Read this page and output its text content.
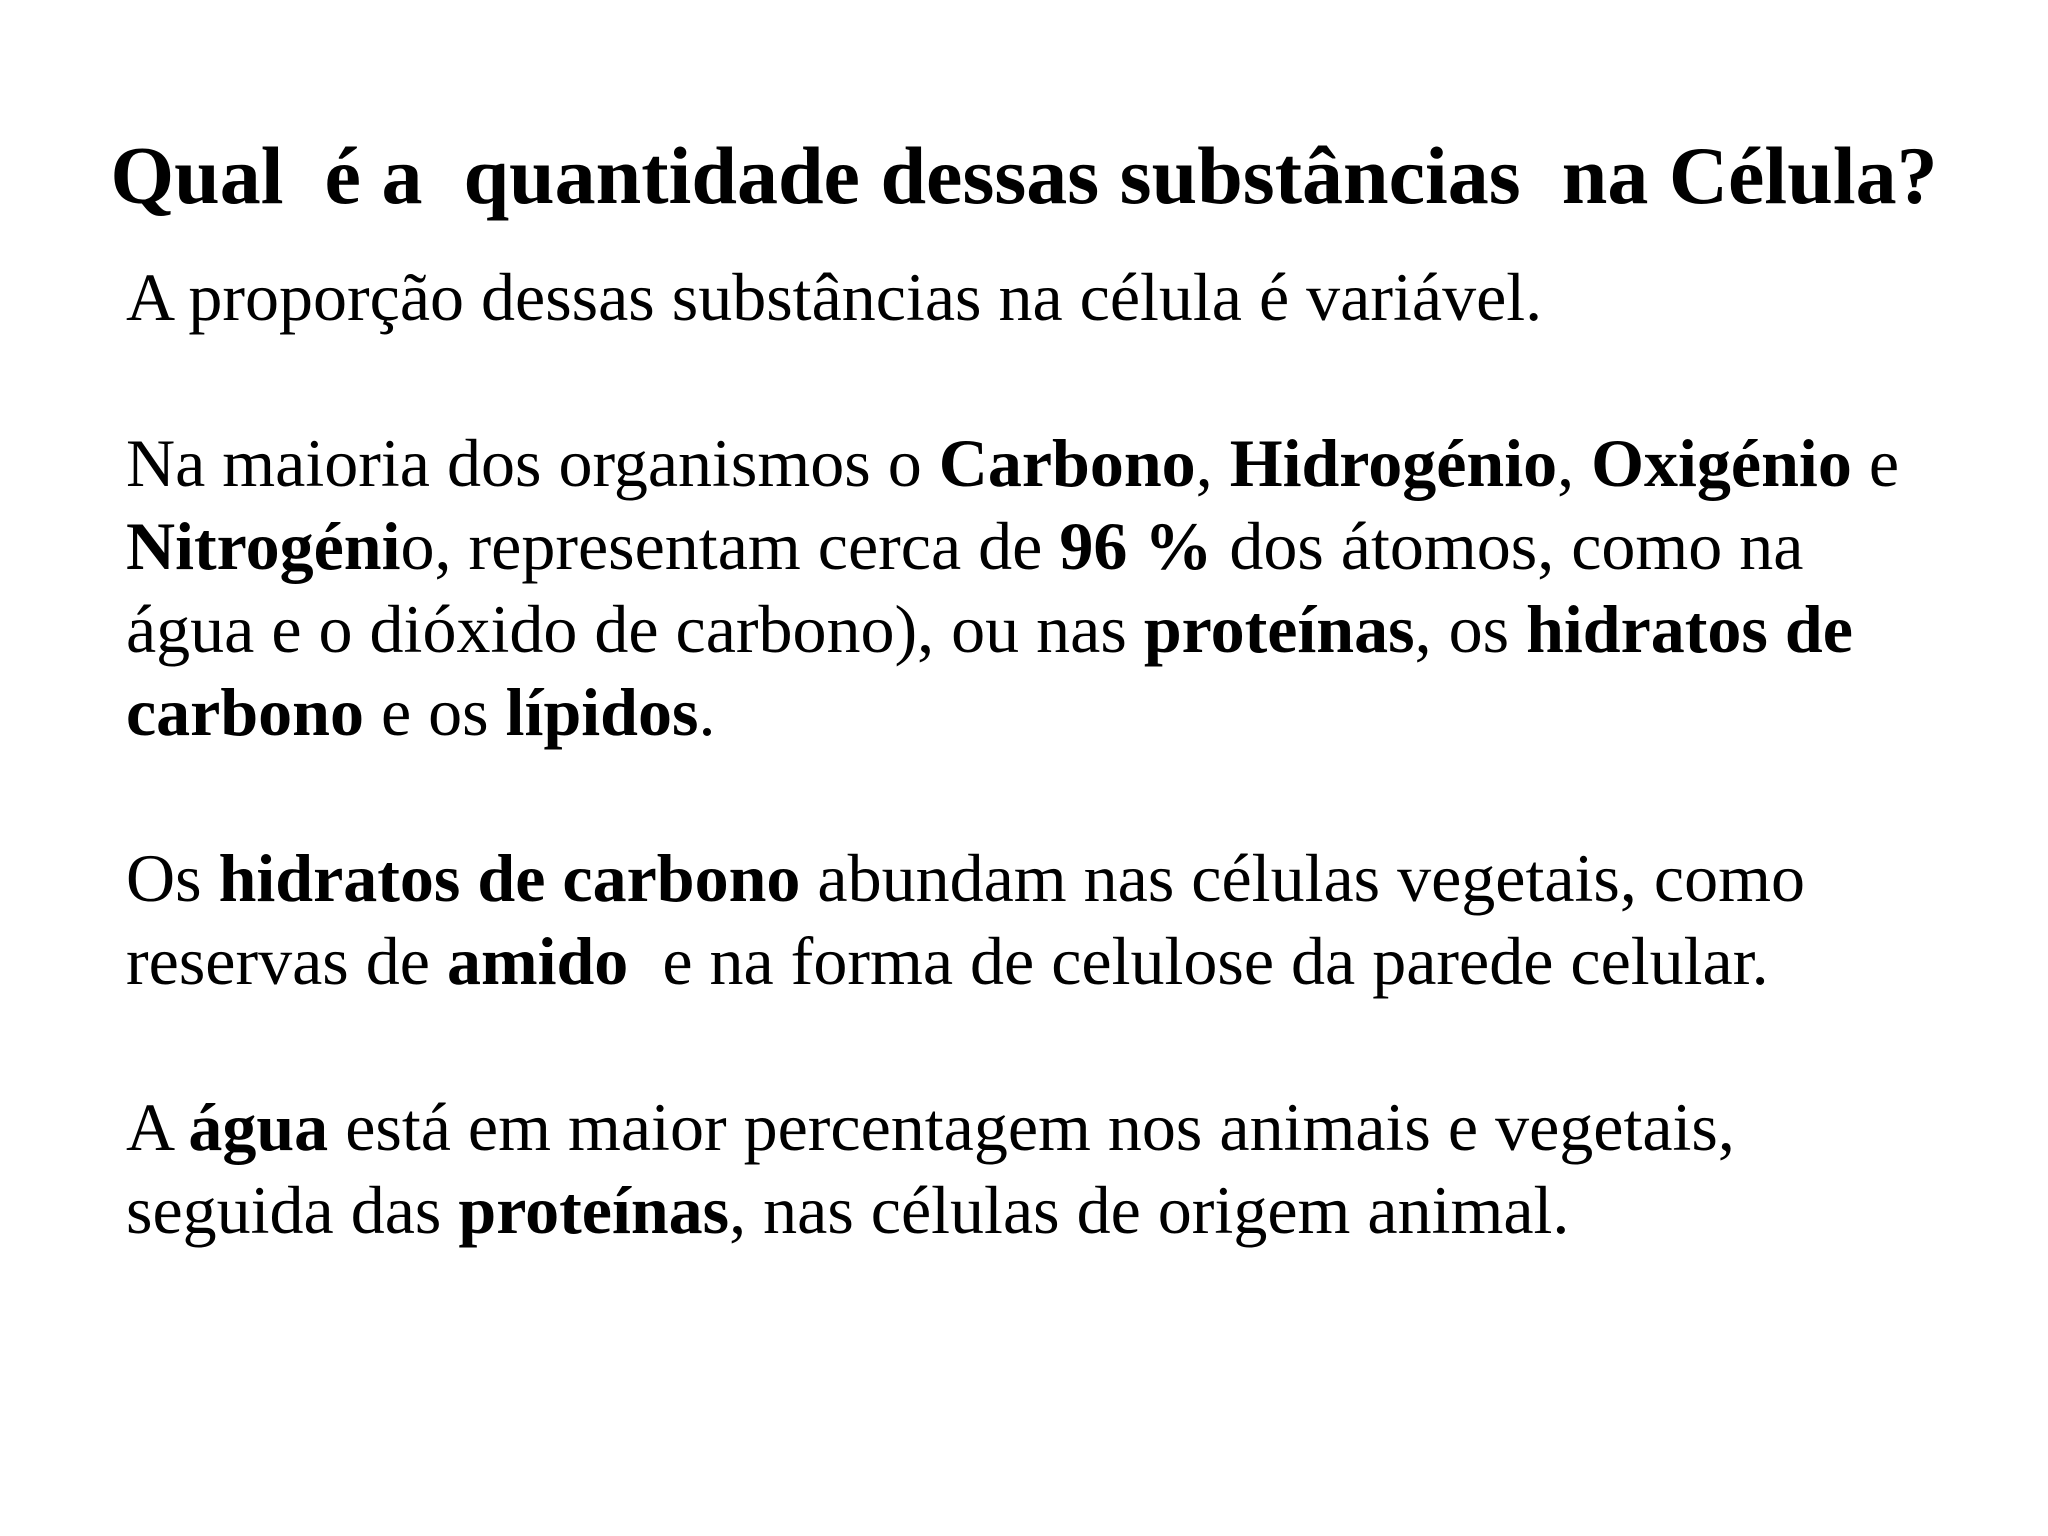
Qual  é a  quantidade dessas substâncias  na Célula?

A proporção dessas substâncias na célula é variável.

Na maioria dos organismos o Carbono, Hidrogénio, Oxigénio e

Nitrogénio, representam cerca de 96 % dos átomos, como na

água e o dióxido de carbono), ou nas proteínas, os hidratos de

carbono e os lípidos.

Os hidratos de carbono abundam nas células vegetais, como

reservas de amido  e na forma de celulose da parede celular.

A água está em maior percentagem nos animais e vegetais,

seguida das proteínas, nas células de origem animal.
